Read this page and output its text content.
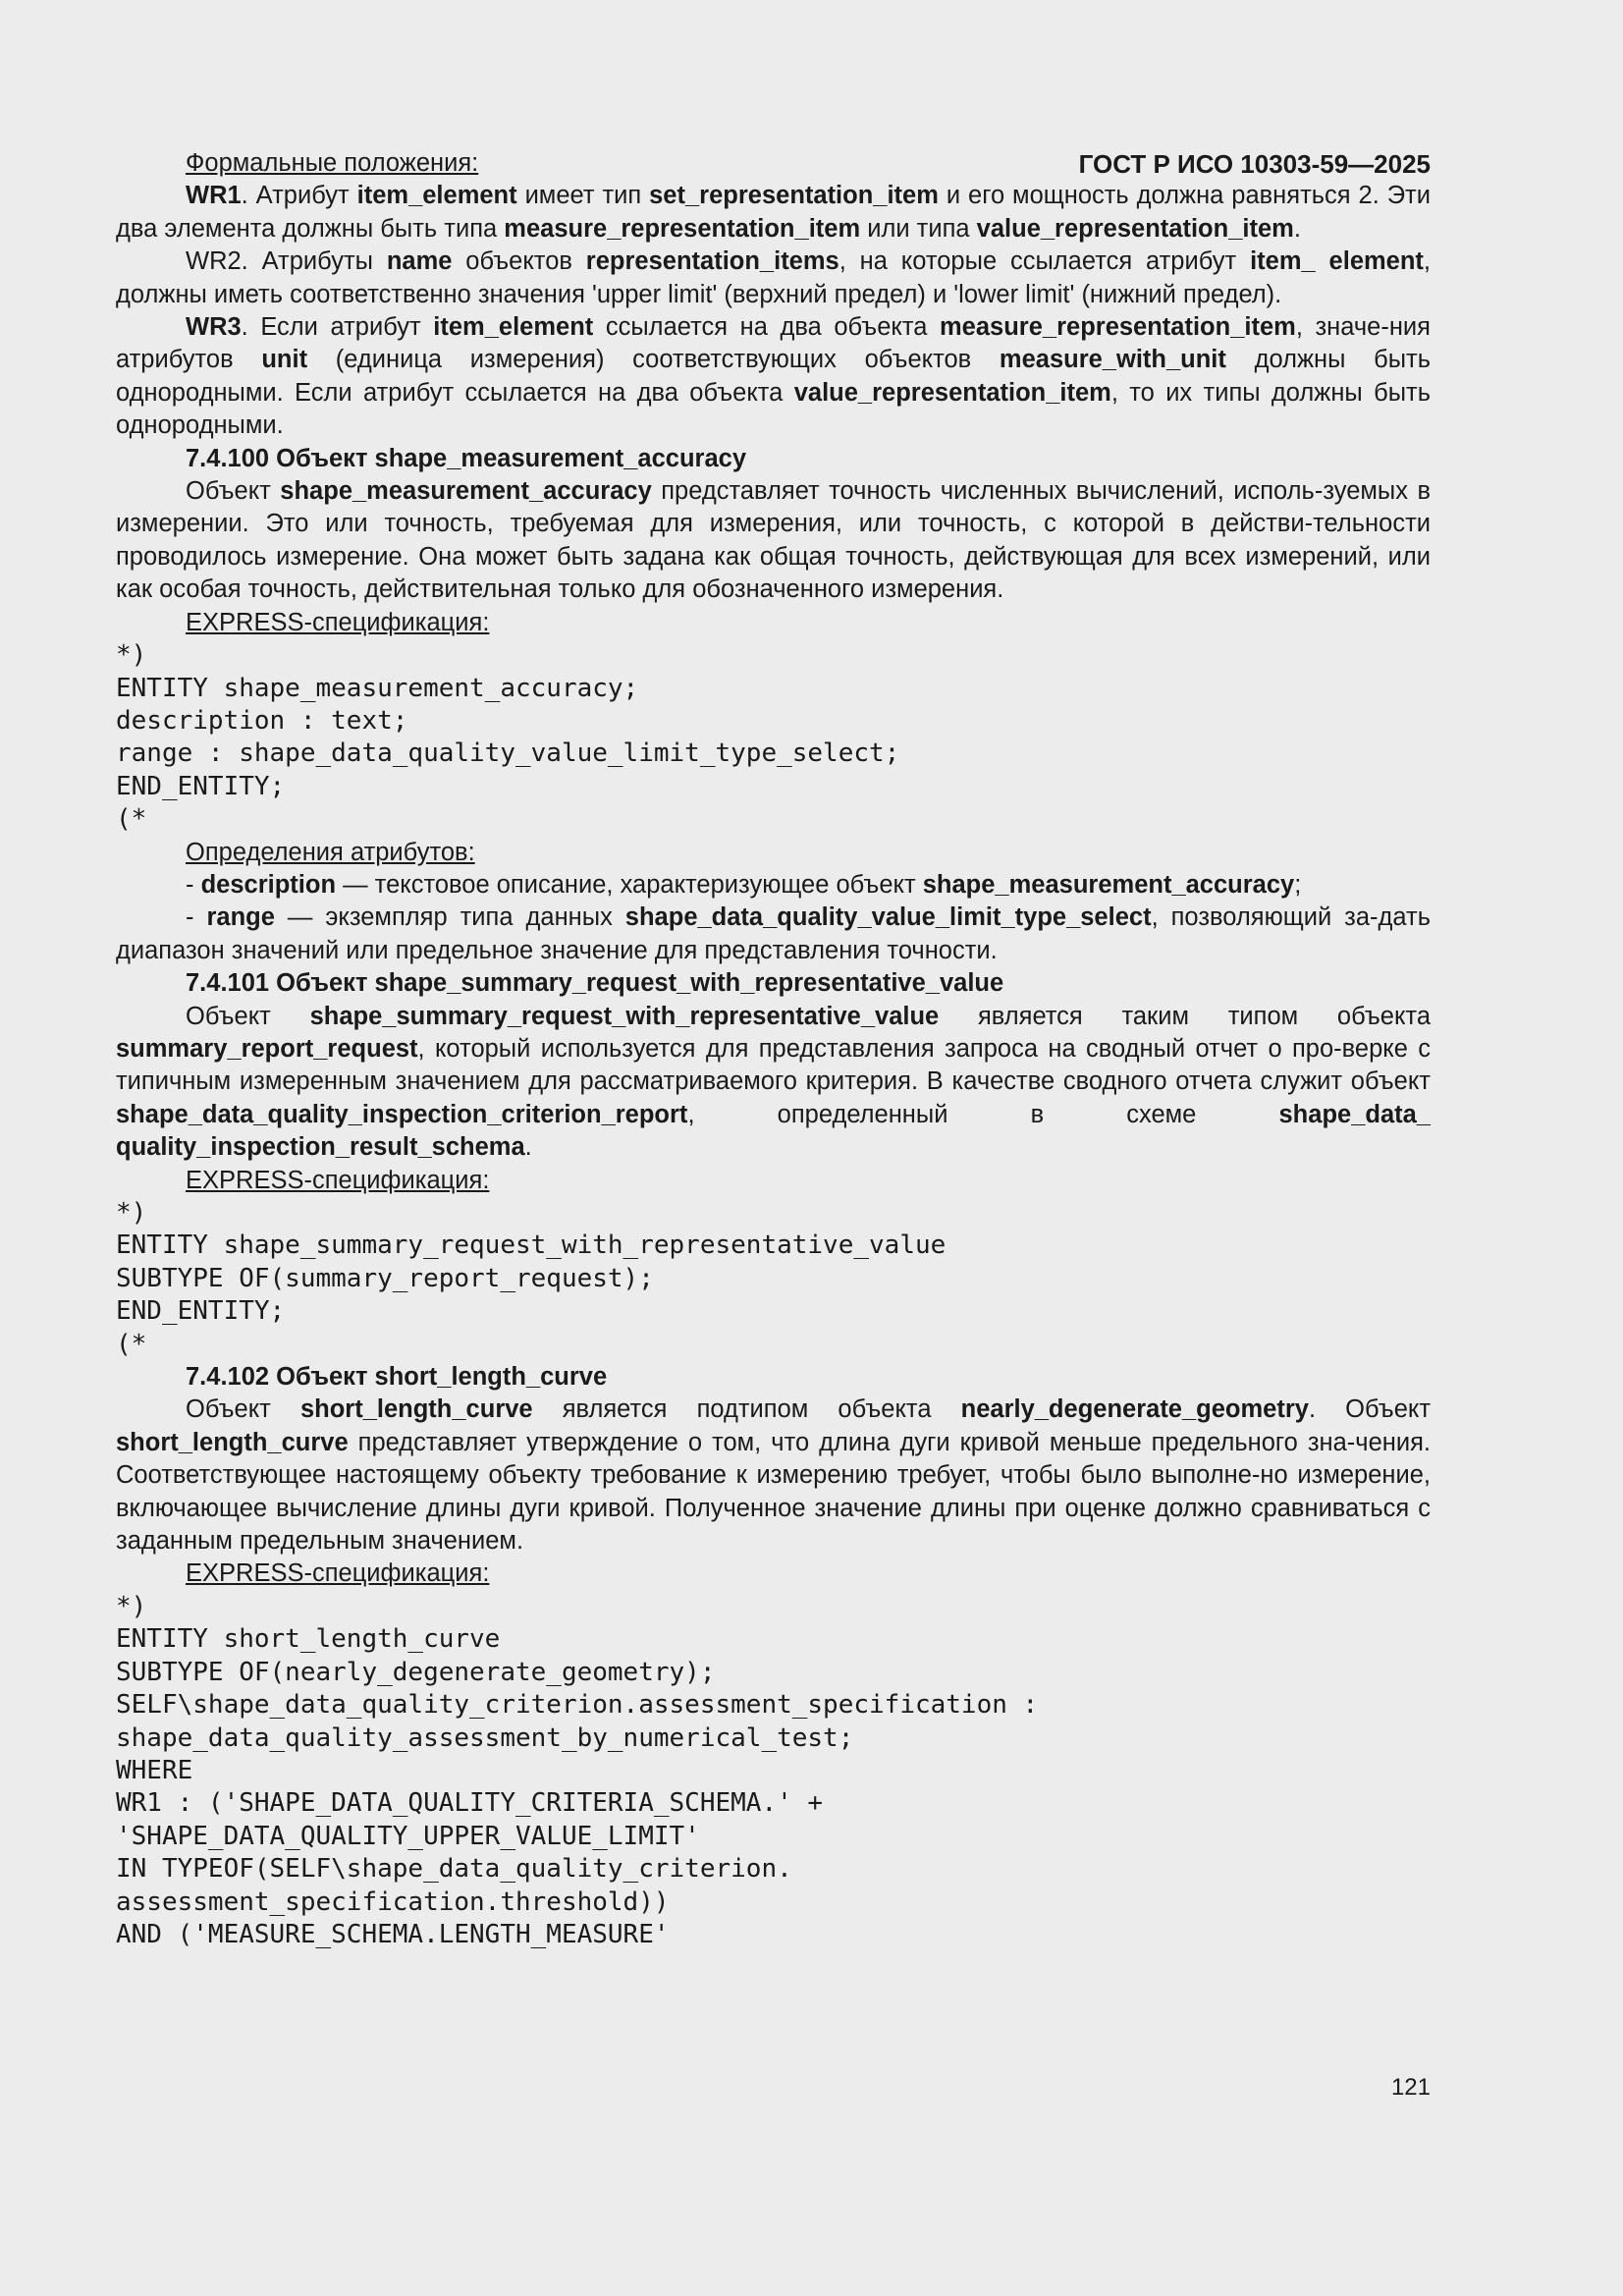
ГОСТ Р ИСО 10303-59—2025

Формальные положения:

WR1. Атрибут item_element имеет тип set_representation_item и его мощность должна равняться 2. Эти два элемента должны быть типа measure_representation_item или типа value_representation_item.

WR2. Атрибуты name объектов representation_items, на которые ссылается атрибут item_ element, должны иметь соответственно значения 'upper limit' (верхний предел) и 'lower limit' (нижний предел).

WR3. Если атрибут item_element ссылается на два объекта measure_representation_item, значе-ния атрибутов unit (единица измерения) соответствующих объектов measure_with_unit должны быть однородными. Если атрибут ссылается на два объекта value_representation_item, то их типы должны быть однородными.

7.4.100 Объект shape_measurement_accuracy

Объект shape_measurement_accuracy представляет точность численных вычислений, исполь-зуемых в измерении. Это или точность, требуемая для измерения, или точность, с которой в действи-тельности проводилось измерение. Она может быть задана как общая точность, действующая для всех измерений, или как особая точность, действительная только для обозначенного измерения.

EXPRESS-спецификация:

*)
ENTITY shape_measurement_accuracy;
description : text;
range : shape_data_quality_value_limit_type_select;
END_ENTITY;
(*

Определения атрибутов:

- description — текстовое описание, характеризующее объект shape_measurement_accuracy;

- range — экземпляр типа данных shape_data_quality_value_limit_type_select, позволяющий за-дать диапазон значений или предельное значение для представления точности.

7.4.101 Объект shape_summary_request_with_representative_value

Объект shape_summary_request_with_representative_value является таким типом объекта summary_report_request, который используется для представления запроса на сводный отчет о про-верке с типичным измеренным значением для рассматриваемого критерия. В качестве сводного отчета служит объект shape_data_quality_inspection_criterion_report, определенный в схеме shape_data_ quality_inspection_result_schema.

EXPRESS-спецификация:

*)
ENTITY shape_summary_request_with_representative_value
SUBTYPE OF(summary_report_request);
END_ENTITY;
(*

7.4.102 Объект short_length_curve

Объект short_length_curve является подтипом объекта nearly_degenerate_geometry. Объект short_length_curve представляет утверждение о том, что длина дуги кривой меньше предельного зна-чения. Соответствующее настоящему объекту требование к измерению требует, чтобы было выполне-но измерение, включающее вычисление длины дуги кривой. Полученное значение длины при оценке должно сравниваться с заданным предельным значением.

EXPRESS-спецификация:

*)
ENTITY short_length_curve
SUBTYPE OF(nearly_degenerate_geometry);
SELF\shape_data_quality_criterion.assessment_specification :
shape_data_quality_assessment_by_numerical_test;
WHERE
WR1 : ('SHAPE_DATA_QUALITY_CRITERIA_SCHEMA.' +
'SHAPE_DATA_QUALITY_UPPER_VALUE_LIMIT'
IN TYPEOF(SELF\shape_data_quality_criterion.
assessment_specification.threshold))
AND ('MEASURE_SCHEMA.LENGTH_MEASURE'
121
